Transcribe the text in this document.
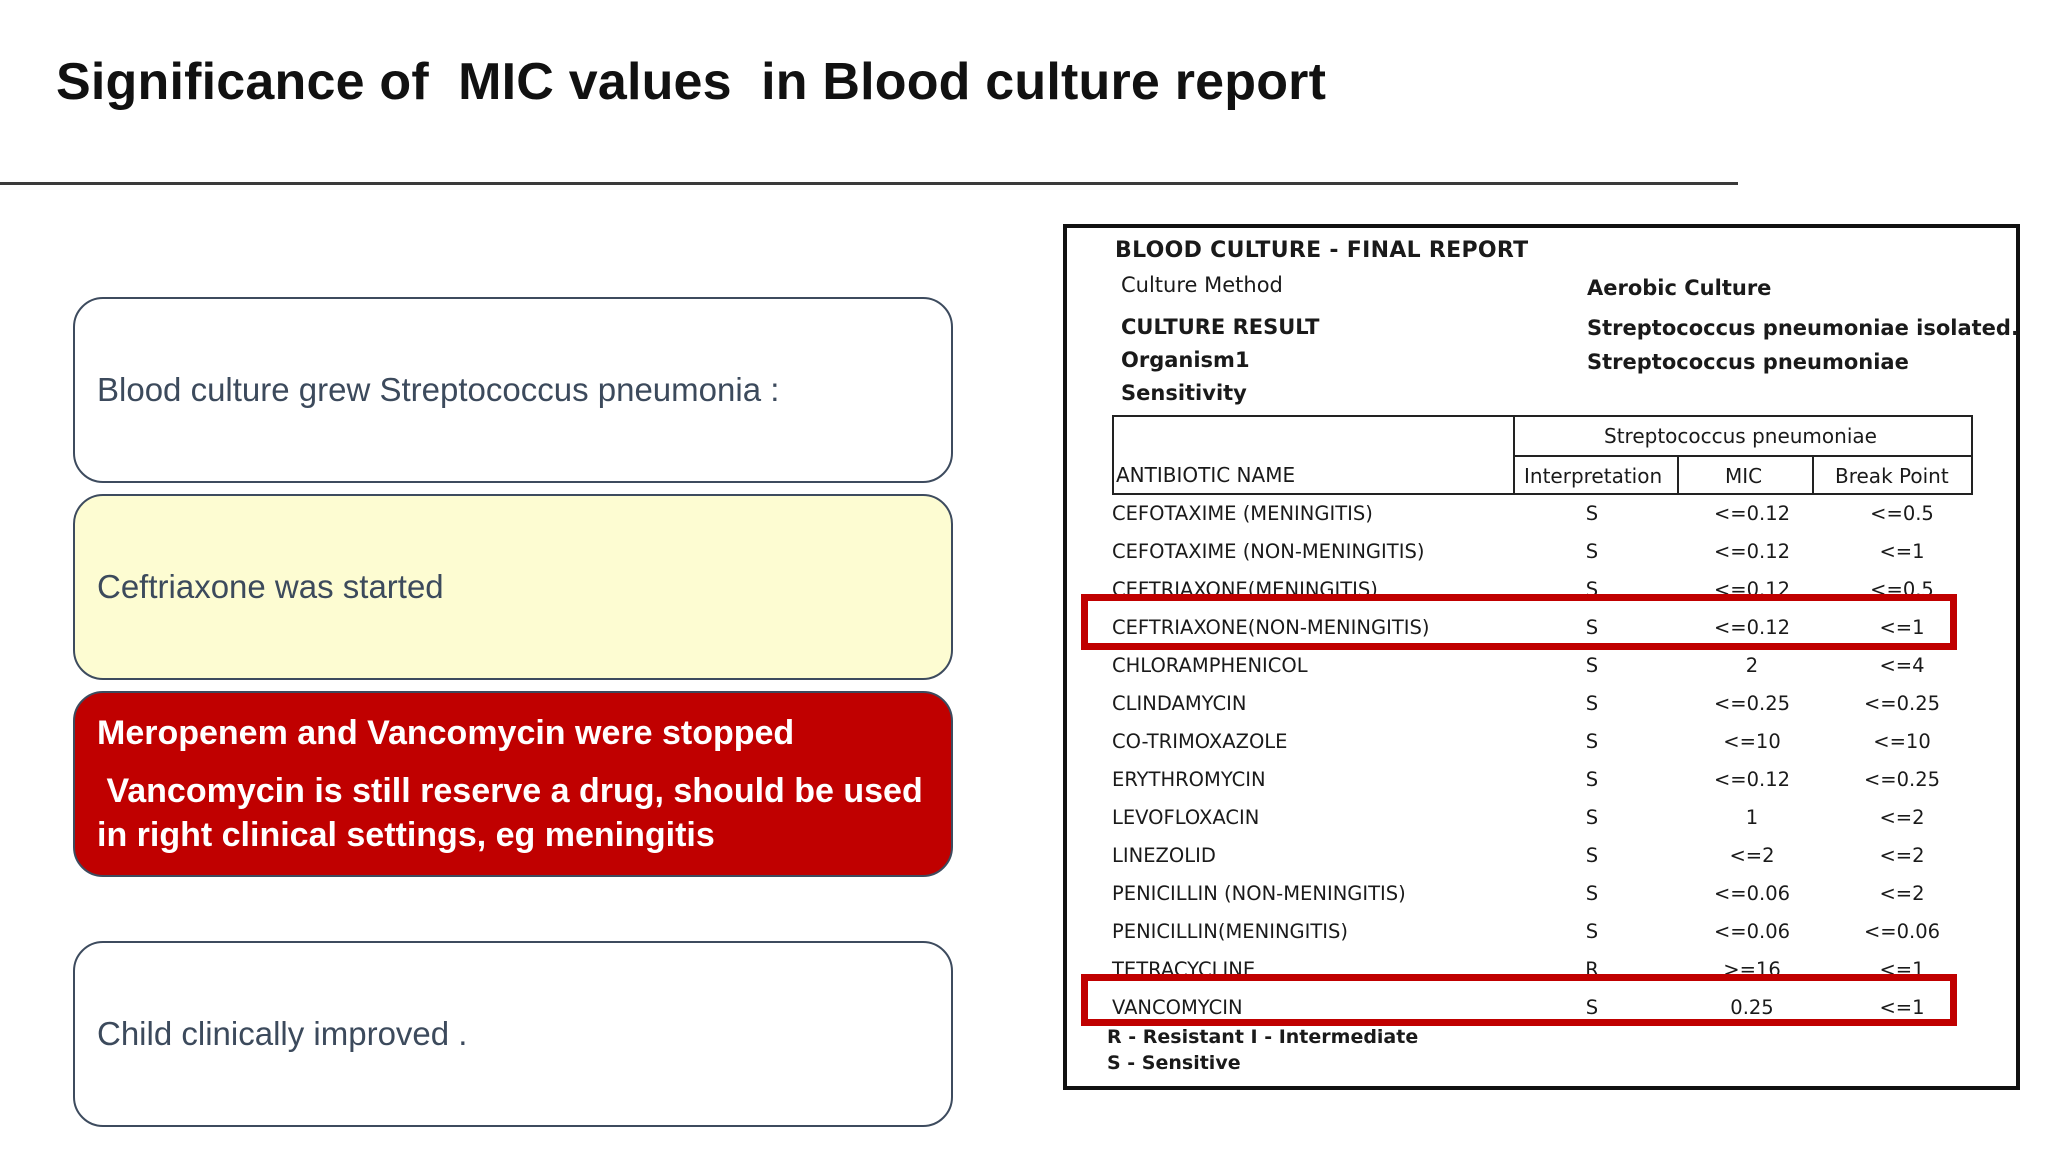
Significance of  MIC values  in Blood culture report
Blood culture grew Streptococcus pneumonia :
Ceftriaxone was started
Meropenem and Vancomycin were stopped
Vancomycin is still reserve a drug, should be used in right clinical settings, eg meningitis
Child clinically improved .
BLOOD CULTURE - FINAL REPORT
Culture Method	Aerobic Culture
CULTURE RESULT	Streptococcus pneumoniae isolated.
Organism1	Streptococcus pneumoniae
Sensitivity
Streptococcus pneumoniae
ANTIBIOTIC NAME	Interpretation	MIC	Break Point
CEFOTAXIME (MENINGITIS)	S	<=0.12	<=0.5
CEFOTAXIME (NON-MENINGITIS)	S	<=0.12	<=1
CEFTRIAXONE(MENINGITIS)	S	<=0.12	<=0.5
CEFTRIAXONE(NON-MENINGITIS)	S	<=0.12	<=1
CHLORAMPHENICOL	S	2	<=4
CLINDAMYCIN	S	<=0.25	<=0.25
CO-TRIMOXAZOLE	S	<=10	<=10
ERYTHROMYCIN	S	<=0.12	<=0.25
LEVOFLOXACIN	S	1	<=2
LINEZOLID	S	<=2	<=2
PENICILLIN (NON-MENINGITIS)	S	<=0.06	<=2
PENICILLIN(MENINGITIS)	S	<=0.06	<=0.06
TETRACYCLINE	R	>=16	<=1
VANCOMYCIN	S	0.25	<=1
R - Resistant I - Intermediate
S - Sensitive
